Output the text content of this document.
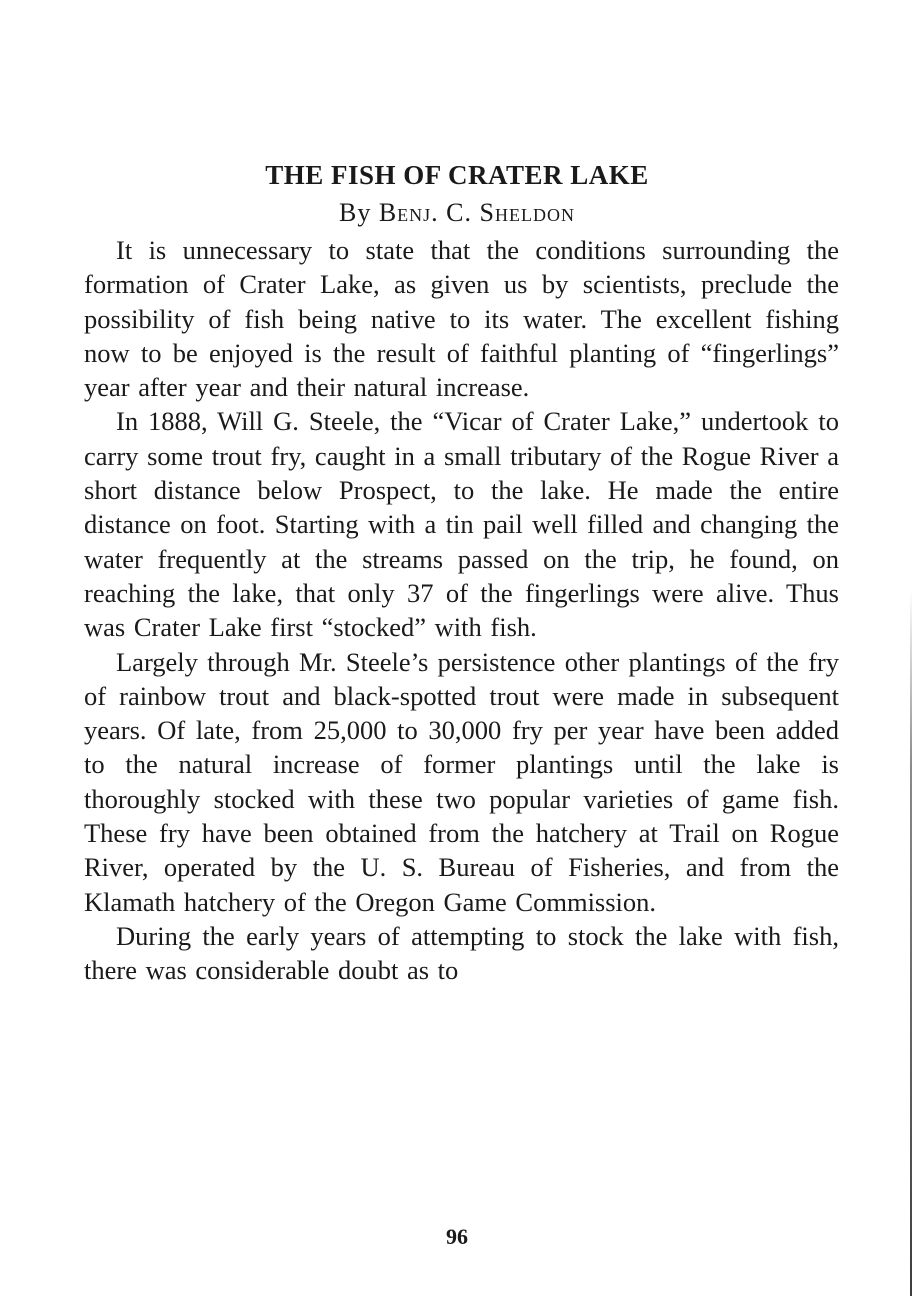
THE FISH OF CRATER LAKE
By Benj. C. Sheldon

It is unnecessary to state that the conditions surrounding the formation of Crater Lake, as given us by scientists, preclude the possibility of fish being native to its water. The excellent fishing now to be enjoyed is the result of faithful planting of “fingerlings” year after year and their natural increase.

In 1888, Will G. Steele, the “Vicar of Crater Lake,” undertook to carry some trout fry, caught in a small tributary of the Rogue River a short distance below Prospect, to the lake. He made the entire distance on foot. Starting with a tin pail well filled and changing the water frequently at the streams passed on the trip, he found, on reaching the lake, that only 37 of the fingerlings were alive. Thus was Crater Lake first “stocked” with fish.

Largely through Mr. Steele’s persistence other plantings of the fry of rainbow trout and black-spotted trout were made in subsequent years. Of late, from 25,000 to 30,000 fry per year have been added to the natural increase of former plantings until the lake is thoroughly stocked with these two popular varieties of game fish. These fry have been obtained from the hatchery at Trail on Rogue River, operated by the U. S. Bureau of Fisheries, and from the Klamath hatchery of the Oregon Game Commission.

During the early years of attempting to stock the lake with fish, there was considerable doubt as to

96
